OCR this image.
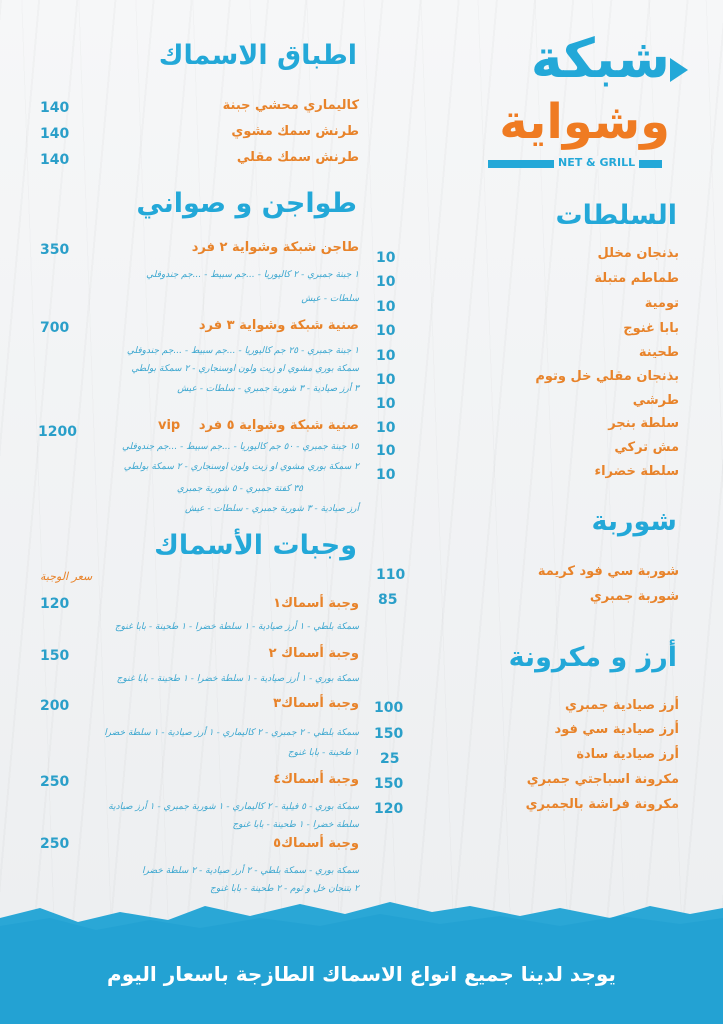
شبكة
وشواية
NET & GRILL
اطباق الاسماك
كاليماري محشي جبنة
140
طرنش سمك مشوي
140
طرنش سمك مقلي
140
طواجن و صواني
طاجن شبكة وشواية ٢ فرد
350
١ جبنة جمبري - ٢ كاليوريا - ...جم سبيط - ...جم جندوفلي
سلطات - عيش
صنية شبكة وشواية ٣ فرد
700
١ جبنة جمبري - ٢٥ جم كاليوريا - ...جم سبيط - ...جم جندوفلي
سمكة بوري مشوي او زيت ولون اوسنجاري - ٢ سمكة بولطي
٣ أرز صيادية - ٣ شوربة جمبري - سلطات - عيش
صنية شبكة وشواية ٥ فرد
vip
1200
١٥ جبنة جمبري - ٥٠ جم كاليوريا - ...جم سبيط - ...جم جندوفلي
٢ سمكة بوري مشوي او زيت ولون اوسنجاري - ٢ سمكة بولطي
٣٥ كفتة جمبري - ٥ شوربة جمبري
أرز صيادية - ٣ شوربة جمبري - سلطات - عيش
وجبات الأسماك
سعر الوجبة
وجبة أسماك١
120
سمكة بلطي - ١ أرز صيادية - ١ سلطة خضرا - ١ طحينة - بابا غنوج
وجبة أسماك ٢
150
سمكة بوري - ١ أرز صيادية - ١ سلطة خضرا - ١ طحينة - بابا غنوج
وجبة أسماك٣
200
سمكة بلطي - ٢ جمبري - ٢ كاليماري - ١ أرز صيادية - ١ سلطة خضرا
١ طحينة - بابا غنوج
وجبة أسماك٤
250
سمكة بوري - ٥ فيلية - ٢ كاليماري - ١ شوربة جمبري - ١ أرز صيادية
سلطة خضرا - ١ طحينة - بابا غنوج
وجبة أسماك٥
250
سمكة بوري - سمكة بلطي - ٢ أرز صيادية - ٢ سلطة خضرا
٢ بتنجان خل و ثوم - ٢ طحينة - بابا غنوج
السلطات
بذنجان مخلل
10
طماطم متبلة
10
تومية
10
بابا غنوج
10
طحينة
10
بذنجان مقلي خل وتوم
10
طرشي
10
سلطة بنجر
10
مش تركي
10
سلطة خضراء
10
شوربة
شوربة سي فود كريمة
110
شوربة جمبري
85
أرز و مكرونة
أرز صيادية جمبري
100
أرز صيادية سي فود
150
أرز صيادية سادة
25
مكرونة اسباجتي جمبري
150
مكرونة فراشة بالجمبري
120
يوجد لدينا جميع انواع الاسماك الطازجة باسعار اليوم
